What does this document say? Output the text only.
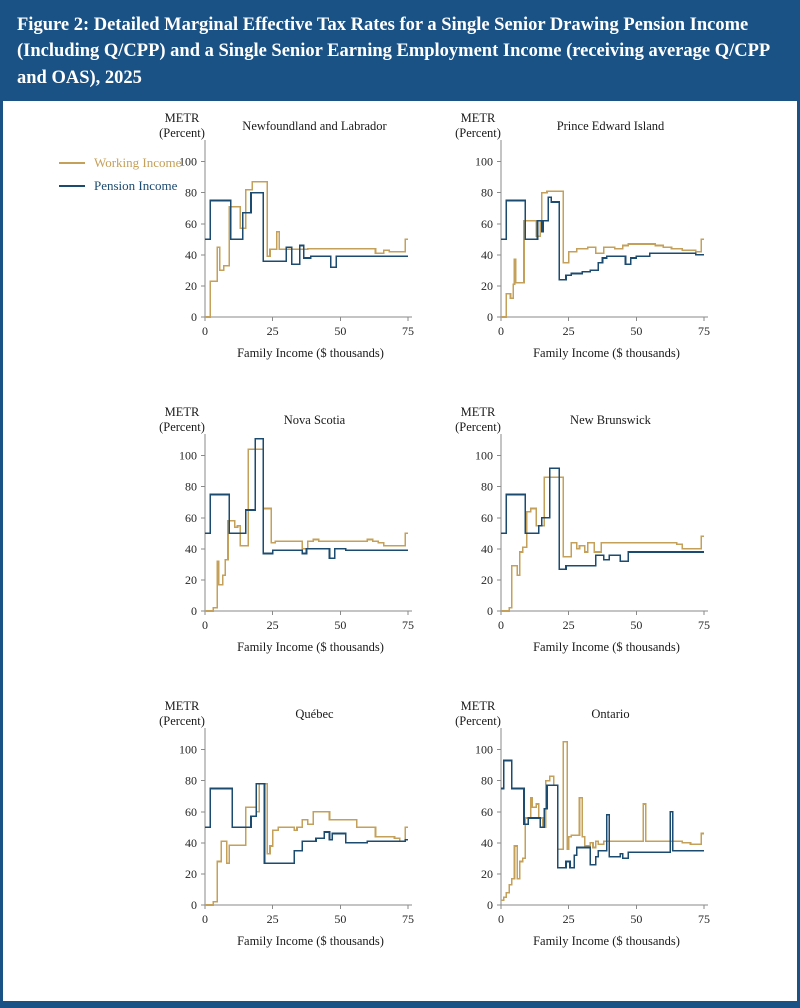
Figure 2: Detailed Marginal Effective Tax Rates for a Single Senior Drawing Pension Income (Including Q/CPP) and a Single Senior Earning Employment Income (receiving average Q/CPP and OAS), 2025
Working Income
Pension Income
METR
(Percent)	Newfoundland and Labrador
0
20
40
60
80
100
0	25	50	75
Family Income ($ thousands)
METR
(Percent)	Prince Edward Island
0
20
40
60
80
100
0	25	50	75
Family Income ($ thousands)
METR
(Percent)	Nova Scotia
0
20
40
60
80
100
0	25	50	75
Family Income ($ thousands)
METR
(Percent)	New Brunswick
0
20
40
60
80
100
0	25	50	75
Family Income ($ thousands)
METR
(Percent)	Québec
0
20
40
60
80
100
0	25	50	75
Family Income ($ thousands)
METR
(Percent)	Ontario
0
20
40
60
80
100
0	25	50	75
Family Income ($ thousands)
